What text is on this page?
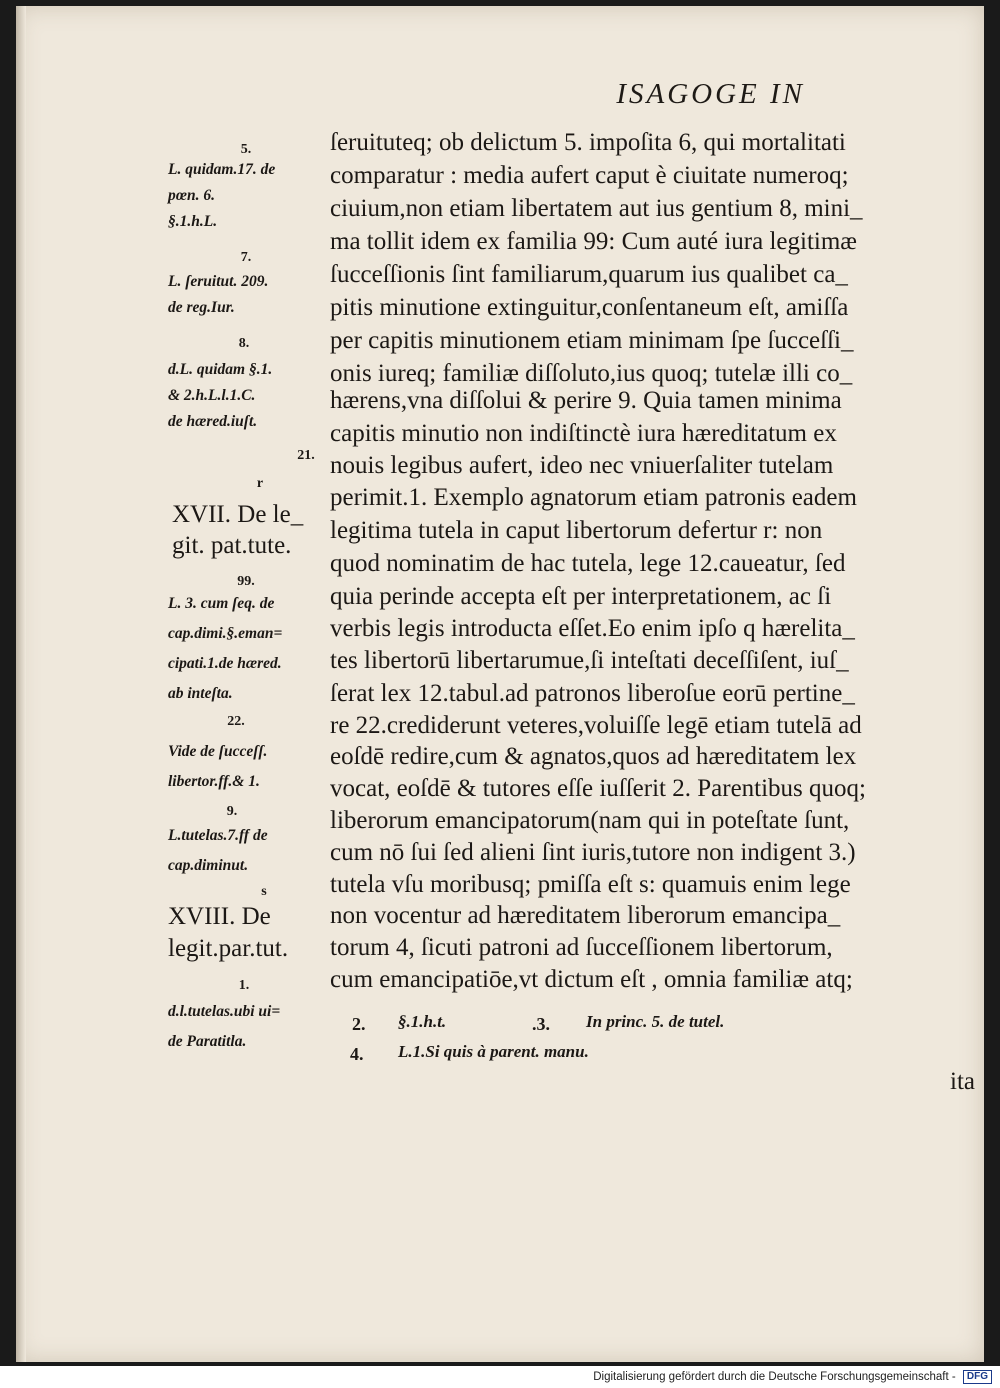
ISAGOGE IN
ſeruituteq; ob delictum 5. impoſita 6, qui mortalitati
comparatur : media aufert caput è ciuitate numeroq;
ciuium,non etiam libertatem aut ius gentium 8, mini_
ma tollit idem ex familia 99: Cum auté iura legitimæ
ſucceſſionis ſint familiarum,quarum ius qualibet ca_
pitis minutione extinguitur,conſentaneum eſt, amiſſa
per capitis minutionem etiam minimam ſpe ſucceſſi_
onis iureq; familiæ diſſoluto,ius quoq; tutelæ illi co_
hærens,vna diſſolui & perire 9. Quia tamen minima
capitis minutio non indiſtinctè iura hæreditatum ex
nouis legibus aufert, ideo nec vniuerſaliter tutelam
perimit.1. Exemplo agnatorum etiam patronis eadem
legitima tutela in caput libertorum defertur r: non
quod nominatim de hac tutela, lege 12.caueatur, ſed
quia perinde accepta eſt per interpretationem, ac ſi
verbis legis introducta eſſet.Eo enim ipſo q hærelita_
tes libertorū libertarumue,ſi inteſtati deceſſiſent, iuſ_
ſerat lex 12.tabul.ad patronos liberoſue eorū pertine_
re 22.crediderunt veteres,voluiſſe legē etiam tutelā ad
eoſdē redire,cum & agnatos,quos ad hæreditatem lex
vocat, eoſdē & tutores eſſe iuſſerit 2. Parentibus quoq;
liberorum emancipatorum(nam qui in poteſtate ſunt,
cum nō ſui ſed alieni ſint iuris,tutore non indigent 3.)
tutela vſu moribusq; pmiſſa eſt s: quamuis enim lege
non vocentur ad hæreditatem liberorum emancipa_
torum 4, ſicuti patroni ad ſucceſſionem libertorum,
cum emancipatiōe,vt dictum eſt , omnia familiæ atq;
5.
L. quidam.17. de
pœn. 6.
§.1.h.L.
7.
L. ſeruitut. 209.
de reg.Iur.
8.
d.L. quidam §.1.
& 2.h.L.l.1.C.
de hæred.iuſt.
21.
r
XVII. De le_
git. pat.tute.
99.
L. 3. cum ſeq. de
cap.dimi.§.eman=
cipati.1.de hæred.
ab inteſta.
22.
Vide de ſucceſſ.
libertor.ff.& 1.
9.
L.tutelas.7.ff de
cap.diminut.
s
XVIII. De
legit.par.tut.
1.
d.l.tutelas.ubi ui=
de Paratitla.
2. §.1.h.t.	.3. In princ. 5. de tutel.
4. L.1.Si quis à parent. manu.
ita
Digitalisierung gefördert durch die Deutsche Forschungsgemeinschaft - DFG
